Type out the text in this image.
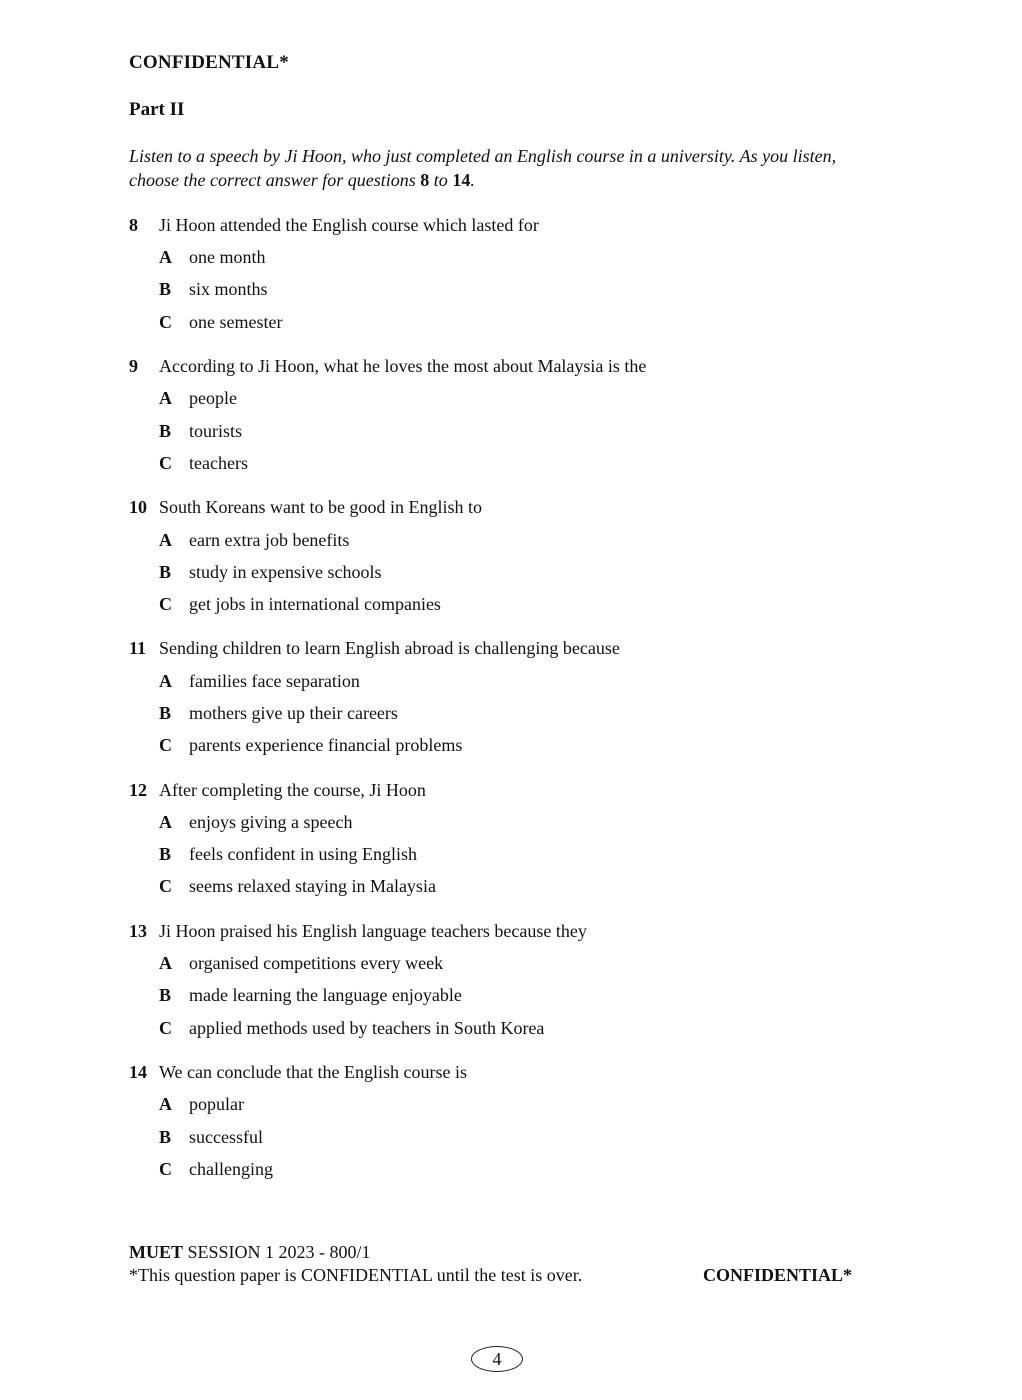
CONFIDENTIAL*
Part II
Listen to a speech by Ji Hoon, who just completed an English course in a university. As you listen, choose the correct answer for questions 8 to 14.
8	Ji Hoon attended the English course which lasted for
A one month
B six months
C one semester
9	According to Ji Hoon, what he loves the most about Malaysia is the
A people
B tourists
C teachers
10 South Koreans want to be good in English to
A earn extra job benefits
B study in expensive schools
C get jobs in international companies
11 Sending children to learn English abroad is challenging because
A families face separation
B mothers give up their careers
C parents experience financial problems
12 After completing the course, Ji Hoon
A enjoys giving a speech
B feels confident in using English
C seems relaxed staying in Malaysia
13 Ji Hoon praised his English language teachers because they
A organised competitions every week
B made learning the language enjoyable
C applied methods used by teachers in South Korea
14 We can conclude that the English course is
A popular
B successful
C challenging
MUET SESSION 1 2023 - 800/1
*This question paper is CONFIDENTIAL until the test is over.	CONFIDENTIAL*
4
